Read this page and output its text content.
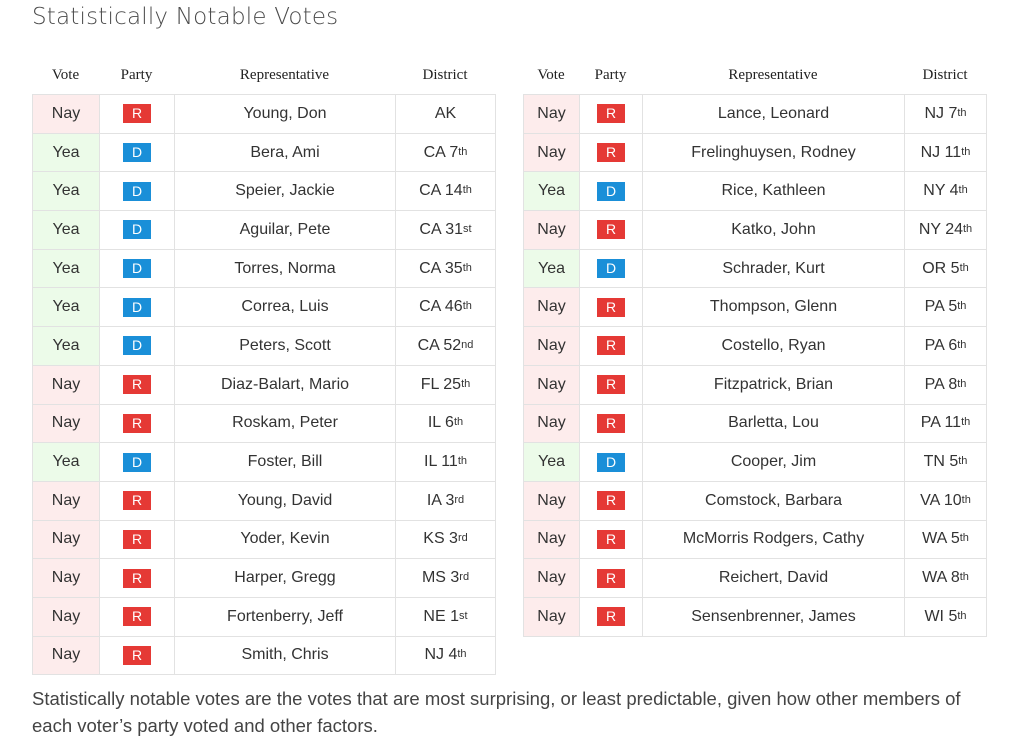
Statistically Notable Votes
Vote	Party	Representative	District
Nay	R	Young, Don	AK
Yea	D	Bera, Ami	CA 7th
Yea	D	Speier, Jackie	CA 14th
Yea	D	Aguilar, Pete	CA 31st
Yea	D	Torres, Norma	CA 35th
Yea	D	Correa, Luis	CA 46th
Yea	D	Peters, Scott	CA 52nd
Nay	R	Diaz-Balart, Mario	FL 25th
Nay	R	Roskam, Peter	IL 6th
Yea	D	Foster, Bill	IL 11th
Nay	R	Young, David	IA 3rd
Nay	R	Yoder, Kevin	KS 3rd
Nay	R	Harper, Gregg	MS 3rd
Nay	R	Fortenberry, Jeff	NE 1st
Nay	R	Smith, Chris	NJ 4th
Vote	Party	Representative	District
Nay	R	Lance, Leonard	NJ 7th
Nay	R	Frelinghuysen, Rodney	NJ 11th
Yea	D	Rice, Kathleen	NY 4th
Nay	R	Katko, John	NY 24th
Yea	D	Schrader, Kurt	OR 5th
Nay	R	Thompson, Glenn	PA 5th
Nay	R	Costello, Ryan	PA 6th
Nay	R	Fitzpatrick, Brian	PA 8th
Nay	R	Barletta, Lou	PA 11th
Yea	D	Cooper, Jim	TN 5th
Nay	R	Comstock, Barbara	VA 10th
Nay	R	McMorris Rodgers, Cathy	WA 5th
Nay	R	Reichert, David	WA 8th
Nay	R	Sensenbrenner, James	WI 5th
Statistically notable votes are the votes that are most surprising, or least predictable, given how other members of each voter’s party voted and other factors.
